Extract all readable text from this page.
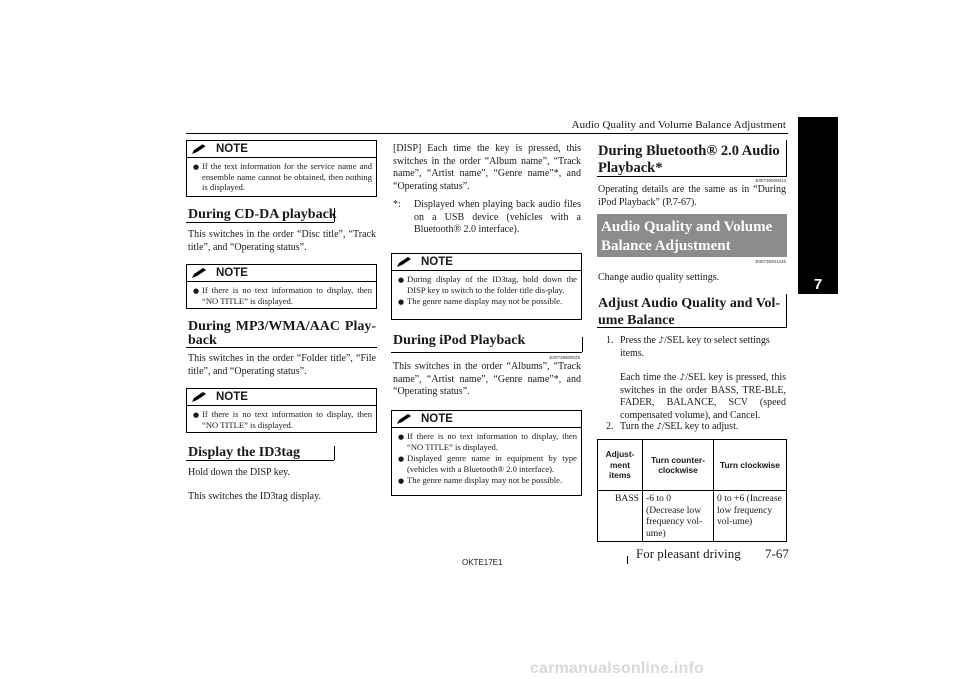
Audio Quality and Volume Balance Adjustment
7
NOTE
● If the text information for the service name and ensemble name cannot be obtained, then nothing is displayed.
During CD-DA playback
This switches in the order “Disc title”, “Track title”, and “Operating status”.
NOTE
● If there is no text information to display, then “NO TITLE” is displayed.
During MP3/WMA/AAC Play-back
This switches in the order “Folder title”, “File title”, and “Operating status”.
NOTE
● If there is no text information to display, then “NO TITLE” is displayed.
Display the ID3tag
Hold down the DISP key.
This switches the ID3tag display.
[DISP] Each time the key is pressed, this switches in the order “Album name”, “Track name”, “Artist name”, “Genre name”*, and “Operating status”.
*: Displayed when playing back audio files on a USB device (vehicles with a Bluetooth® 2.0 interface).
NOTE
● During display of the ID3tag, hold down the DISP key to switch to the folder title dis-play.
● The genre name display may not be possible.
During iPod Playback
E00738900028
This switches in the order “Albums”, “Track name”, “Artist name”, “Genre name”*, and “Operating status”.
NOTE
● If there is no text information to display, then “NO TITLE” is displayed.
● Displayed genre name in equipment by type (vehicles with a Bluetooth® 2.0 interface).
● The genre name display may not be possible.
During Bluetooth® 2.0 Audio Playback*
E00739000013
Operating details are the same as in “During iPod Playback” (P.7-67).
Audio Quality and Volume Balance Adjustment
E00738201246
Change audio quality settings.
Adjust Audio Quality and Vol-ume Balance
1. Press the ♪/SEL key to select settings items.
Each time the ♪/SEL key is pressed, this switches in the order BASS, TRE-BLE, FADER, BALANCE, SCV (speed compensated volume), and Cancel.
2. Turn the ♪/SEL key to adjust.
Adjust-ment items	Turn counter-clockwise	Turn clockwise
BASS	-6 to 0 (Decrease low frequency vol-ume)	0 to +6 (Increase low frequency vol-ume)
OKTE17E1
For pleasant driving 7-67
carmanualsonline.info
